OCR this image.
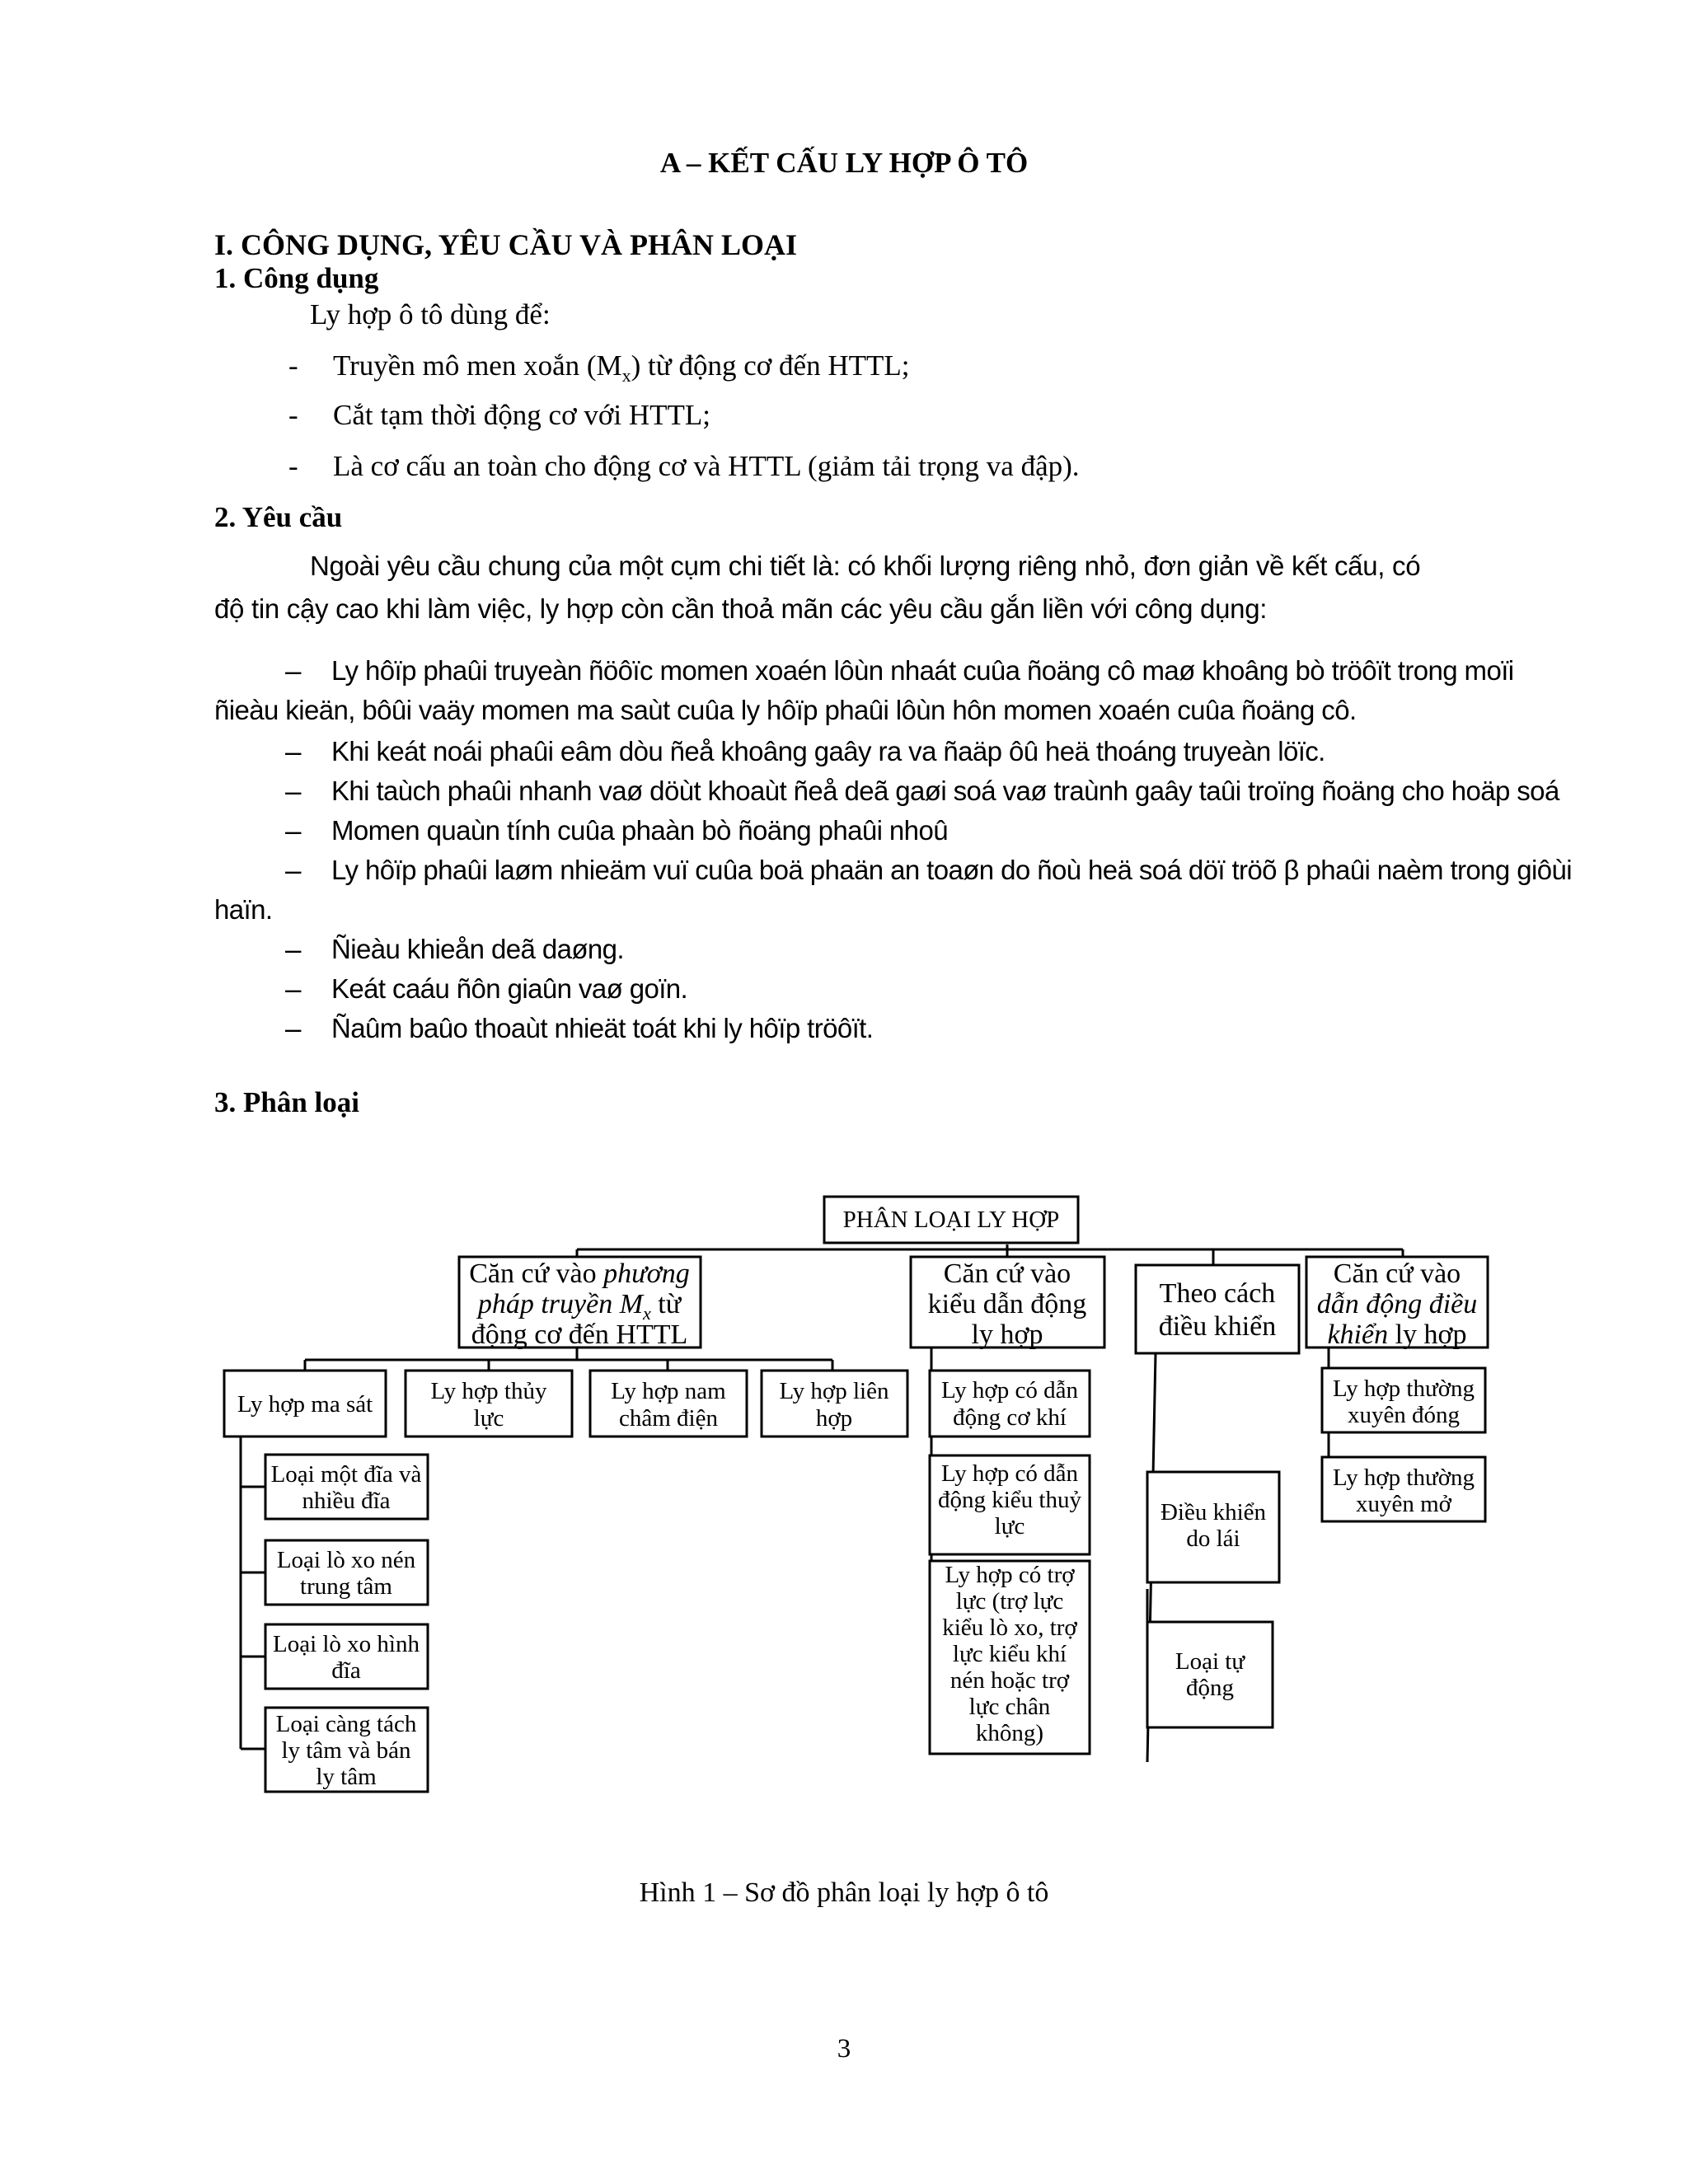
A – KẾT CẤU LY HỢP Ô TÔ
I. CÔNG DỤNG, YÊU CẦU VÀ PHÂN LOẠI
1. Công dụng
Ly hợp ô tô dùng để:
- Truyền mô men xoắn $(M_x)$ từ động cơ đến HTTL;
- Cắt tạm thời động cơ với HTTL;
- Là cơ cấu an toàn cho động cơ và HTTL (giảm tải trọng va đập).
2. Yêu cầu
Ngoài yêu cầu chung của một cụm chi tiết là: có khối lượng riêng nhỏ, đơn giản về kết cấu, có
độ tin cậy cao khi làm việc, ly hợp còn cần thoả mãn các yêu cầu gắn liền với công dụng:
– Ly hôïp phaûi truyeàn ñöôïc momen xoaén lôùn nhaát cuûa ñoäng cô maø khoâng bò tröôït trong moïi
ñieàu kieän, bôûi vaäy momen ma saùt cuûa ly hôïp phaûi lôùn hôn momen xoaén cuûa ñoäng cô.
– Khi keát noái phaûi eâm dòu ñeå khoâng gaây ra va ñaäp ôû heä thoáng truyeàn löïc.
– Khi taùch phaûi nhanh vaø döùt khoaùt ñeå deã gaøi soá vaø traùnh gaây taûi troïng ñoäng cho hoäp soá
– Momen quaùn tính cuûa phaàn bò ñoäng phaûi nhoû
– Ly hôïp phaûi laøm nhieäm vuï cuûa boä phaän an toaøn do ñoù heä soá döï tröõ β phaûi naèm trong giôùi
haïn.
– Ñieàu khieån deã daøng.
– Keát caáu ñôn giaûn vaø goïn.
– Ñaûm baûo thoaùt nhieät toát khi ly hôïp tröôït.
3. Phân loại
PHÂN LOẠI LY HỢP
Căn cứ vào phương
pháp truyền $M_x$ từ
động cơ đến HTTL
Căn cứ vào
kiểu dẫn động
ly hợp
Theo cách
điều khiển
Căn cứ vào
dẫn động điều
khiển ly hợp
Ly hợp ma sát Ly hợp thủy
lực
Ly hợp nam
châm điện
Ly hợp liên
hợp
Loại một đĩa và
nhiều đĩa
Loại lò xo nén
trung tâm
Loại lò xo hình
đĩa
Loại càng tách
ly tâm và bán
ly tâm
Ly hợp có dẫn
động cơ khí
Ly hợp có dẫn
động kiểu thuỷ
lực
Ly hợp có trợ
lực (trợ lực
kiểu lò xo, trợ
lực kiểu khí
nén hoặc trợ
lực chân
không)
Điều khiển
do lái
Loại tự
động
Ly hợp thường
xuyên đóng
Ly hợp thường
xuyên mở
Hình 1 – Sơ đồ phân loại ly hợp ô tô
3
